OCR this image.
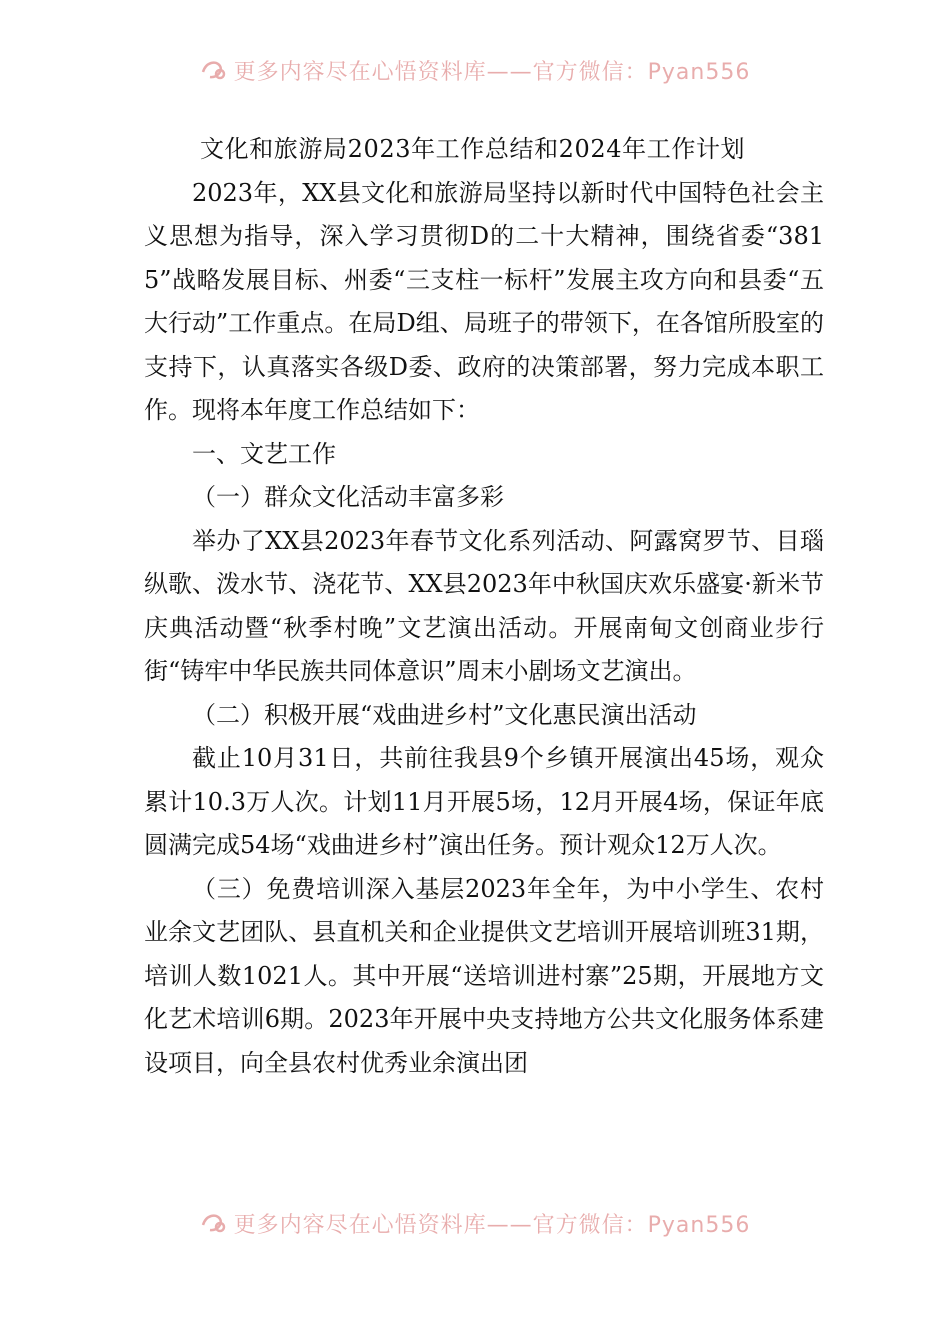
更多内容尽在心悟资料库——官方微信：Pyan556

文化和旅游局2023年工作总结和2024年工作计划

2023年，XX县文化和旅游局坚持以新时代中国特色社会主义思想为指导，深入学习贯彻D的二十大精神，围绕省委“3815”战略发展目标、州委“三支柱一标杆”发展主攻方向和县委“五大行动”工作重点。在局D组、局班子的带领下，在各馆所股室的支持下，认真落实各级D委、政府的决策部署，努力完成本职工作。现将本年度工作总结如下：

一、文艺工作

（一）群众文化活动丰富多彩

举办了XX县2023年春节文化系列活动、阿露窝罗节、目瑙纵歌、泼水节、浇花节、XX县2023年中秋国庆欢乐盛宴·新米节庆典活动暨“秋季村晚”文艺演出活动。开展南甸文创商业步行街“铸牢中华民族共同体意识”周末小剧场文艺演出。

（二）积极开展“戏曲进乡村”文化惠民演出活动

截止10月31日，共前往我县9个乡镇开展演出45场，观众累计10.3万人次。计划11月开展5场，12月开展4场，保证年底圆满完成54场“戏曲进乡村”演出任务。预计观众12万人次。

（三）免费培训深入基层2023年全年，为中小学生、农村业余文艺团队、县直机关和企业提供文艺培训开展培训班31期，培训人数1021人。其中开展“送培训进村寨”25期，开展地方文化艺术培训6期。2023年开展中央支持地方公共文化服务体系建设项目，向全县农村优秀业余演出团

更多内容尽在心悟资料库——官方微信：Pyan556
